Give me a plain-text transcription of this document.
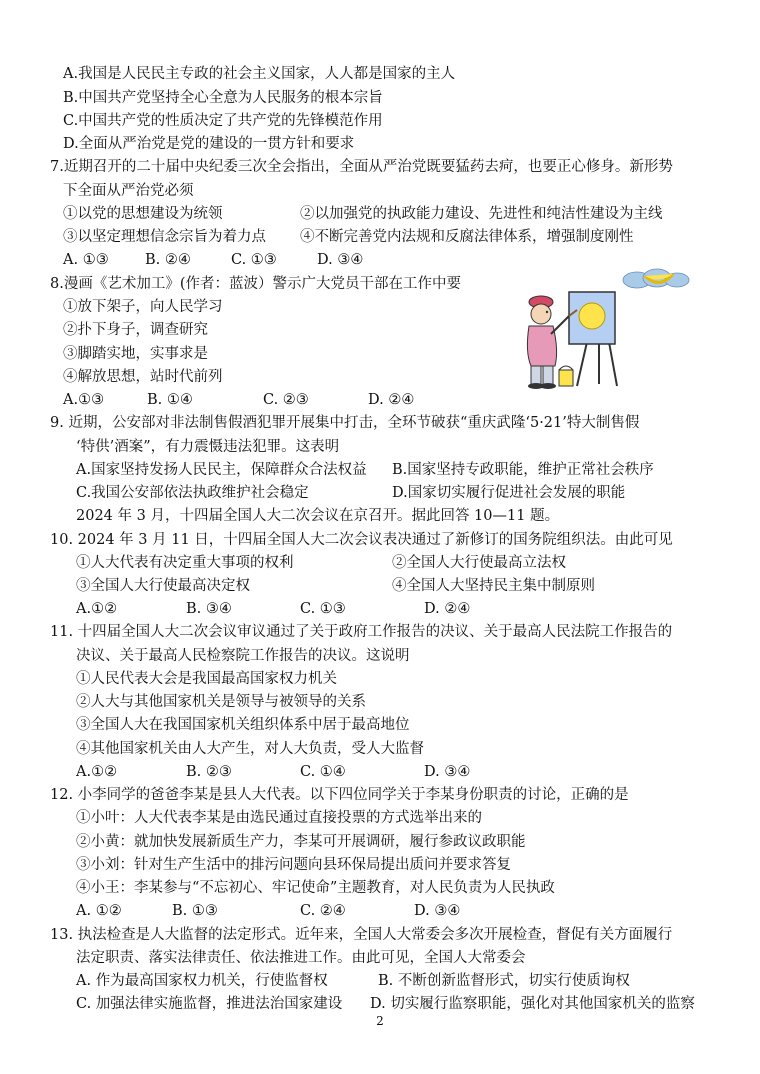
A.我国是人民民主专政的社会主义国家，人人都是国家的主人
B.中国共产党坚持全心全意为人民服务的根本宗旨
C.中国共产党的性质决定了共产党的先锋模范作用
D.全面从严治党是党的建设的一贯方针和要求
7.近期召开的二十届中央纪委三次全会指出，全面从严治党既要猛药去疴，也要正心修身。新形势
下全面从严治党必须
①以党的思想建设为统领	②以加强党的执政能力建设、先进性和纯洁性建设为主线
③以坚定理想信念宗旨为着力点 ④不断完善党内法规和反腐法律体系，增强制度刚性
A. ①③	B. ②④	C. ①③	D. ③④
8.漫画《艺术加工》(作者：蓝波）警示广大党员干部在工作中要
①放下架子，向人民学习
②扑下身子，调查研究
③脚踏实地，实事求是
④解放思想，站时代前列
A.①③	B. ①④	C. ②③	D. ②④
9. 近期，公安部对非法制售假酒犯罪开展集中打击，全环节破获“重庆武隆‘5·21’特大制售假
‘特供’酒案”，有力震慑违法犯罪。这表明
A.国家坚持发扬人民民主，保障群众合法权益 B.国家坚持专政职能，维护正常社会秩序
C.我国公安部依法执政维护社会稳定	D.国家切实履行促进社会发展的职能
2024 年 3 月，十四届全国人大二次会议在京召开。据此回答 10—11 题。
10. 2024 年 3 月 11 日，十四届全国人大二次会议表决通过了新修订的国务院组织法。由此可见
①人大代表有决定重大事项的权利	②全国人大行使最高立法权
③全国人大行使最高决定权	④全国人大坚持民主集中制原则
A.①②	B. ③④	C. ①③	D. ②④
11. 十四届全国人大二次会议审议通过了关于政府工作报告的决议、关于最高人民法院工作报告的
决议、关于最高人民检察院工作报告的决议。这说明
①人民代表大会是我国最高国家权力机关
②人大与其他国家机关是领导与被领导的关系
③全国人大在我国国家机关组织体系中居于最高地位
④其他国家机关由人大产生，对人大负责，受人大监督
A.①②	B. ②③	C. ①④	D. ③④
12. 小李同学的爸爸李某是县人大代表。以下四位同学关于李某身份职责的讨论，正确的是
①小叶：人大代表李某是由选民通过直接投票的方式选举出来的
②小黄：就加快发展新质生产力，李某可开展调研，履行参政议政职能
③小刘：针对生产生活中的排污问题向县环保局提出质问并要求答复
④小王：李某参与“不忘初心、牢记使命”主题教育，对人民负责为人民执政
A. ①②	B. ①③	C. ②④	D. ③④
13. 执法检查是人大监督的法定形式。近年来，全国人大常委会多次开展检查，督促有关方面履行
法定职责、落实法律责任、依法推进工作。由此可见，全国人大常委会
A. 作为最高国家权力机关，行使监督权	B. 不断创新监督形式，切实行使质询权
C. 加强法律实施监督，推进法治国家建设 D. 切实履行监察职能，强化对其他国家机关的监察
2
